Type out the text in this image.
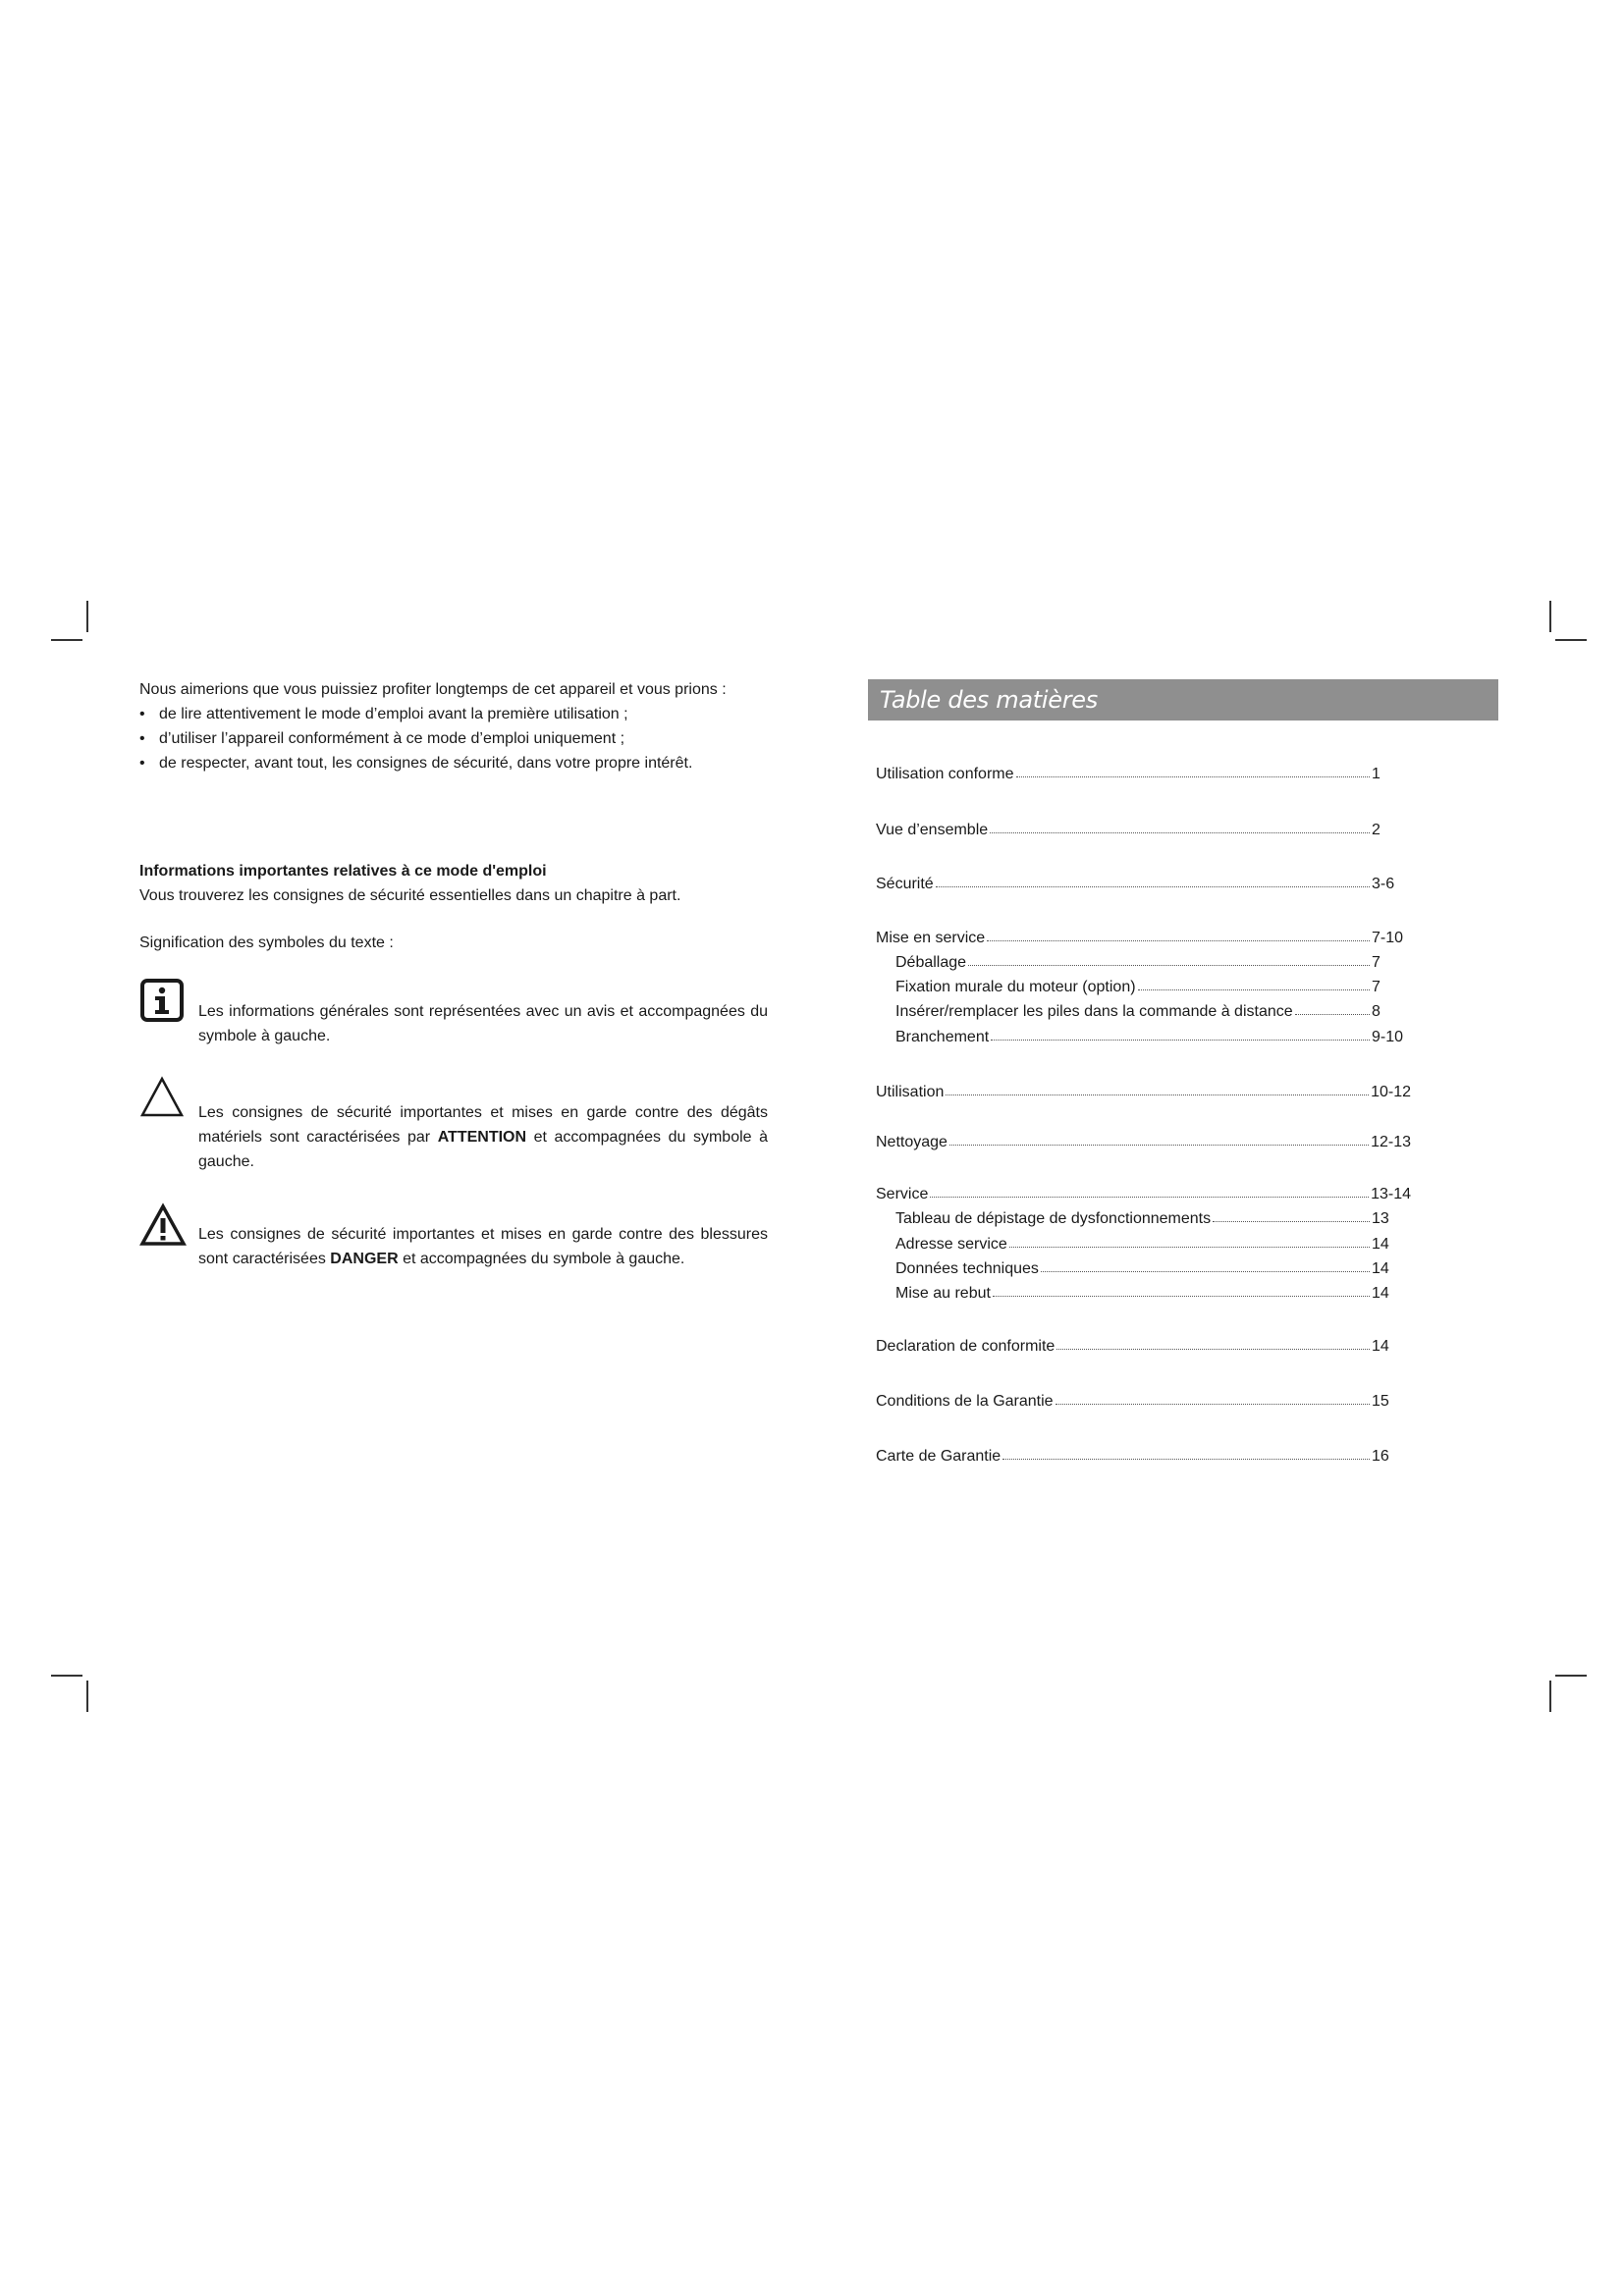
Nous aimerions que vous puissiez profiter longtemps de cet appareil et vous prions :

• de lire attentivement le mode d’emploi avant la première utilisation ;
• d’utiliser l’appareil conformément à ce mode d’emploi uniquement ;
• de respecter, avant tout, les consignes de sécurité, dans votre propre intérêt.

Informations importantes relatives à ce mode d'emploi

Vous trouverez les consignes de sécurité essentielles dans un chapitre à part.

Signification des symboles du texte :

Les informations générales sont représentées avec un avis et accompagnées du symbole à gauche.

Les consignes de sécurité importantes et mises en garde contre des dégâts matériels sont caractérisées par ATTENTION et accompagnées du symbole à gauche.

Les consignes de sécurité importantes et mises en garde contre des blessures sont caractérisées DANGER et accompagnées du symbole à gauche.

Table des matières
Utilisation conforme	1
Vue d’ensemble	2
Sécurité	3-6
Mise en service	7-10
Déballage	7
Fixation murale du moteur (option)	7
Insérer/remplacer les piles dans la commande à distance	8
Branchement	9-10
Utilisation	10-12
Nettoyage	12-13
Service	13-14
Tableau de dépistage de dysfonctionnements	13
Adresse service	14
Données techniques	14
Mise au rebut	14
Declaration de conformite	14
Conditions de la Garantie	15
Carte de Garantie	16
